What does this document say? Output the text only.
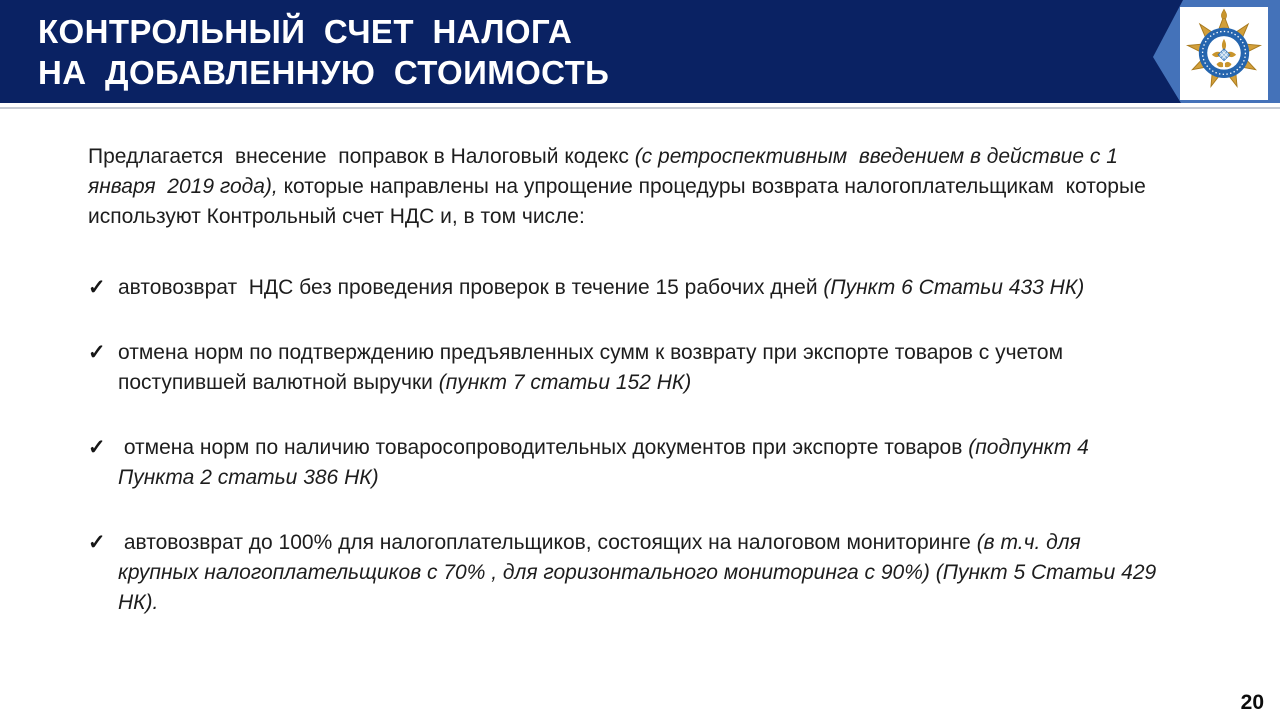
КОНТРОЛЬНЫЙ СЧЕТ НАЛОГА
НА ДОБАВЛЕННУЮ СТОИМОСТЬ

Предлагается  внесение  поправок в Налоговый кодекс (с ретроспективным  введением в действие с 1 января  2019 года), которые направлены на упрощение процедуры возврата налогоплательщикам  которые используют Контрольный счет НДС и, в том числе:

✓ автовозврат  НДС без проведения проверок в течение 15 рабочих дней (Пункт 6 Статьи 433 НК)
✓ отмена норм по подтверждению предъявленных сумм к возврату при экспорте товаров с учетом поступившей валютной выручки (пункт 7 статьи 152 НК)
✓ отмена норм по наличию товаросопроводительных документов при экспорте товаров (подпункт 4 Пункта 2 статьи 386 НК)
✓ автовозврат до 100% для налогоплательщиков, состоящих на налоговом мониторинге (в т.ч. для крупных налогоплательщиков с 70% , для горизонтального мониторинга с 90%) (Пункт 5 Статьи 429 НК).
20
